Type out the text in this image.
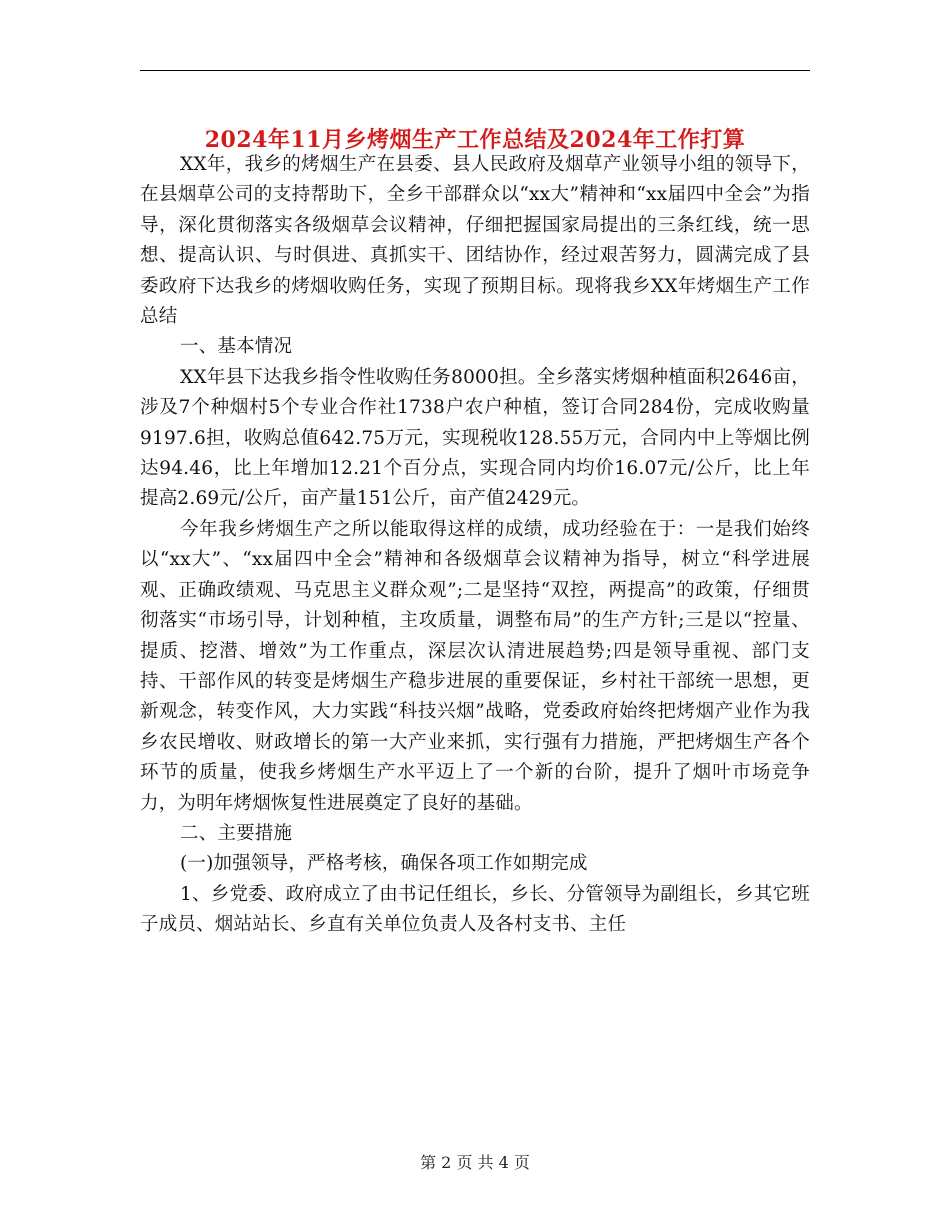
2024年11月乡烤烟生产工作总结及2024年工作打算

XX年，我乡的烤烟生产在县委、县人民政府及烟草产业领导小组的领导下，在县烟草公司的支持帮助下，全乡干部群众以“xx大”精神和“xx届四中全会”为指导，深化贯彻落实各级烟草会议精神，仔细把握国家局提出的三条红线，统一思想、提高认识、与时俱进、真抓实干、团结协作，经过艰苦努力，圆满完成了县委政府下达我乡的烤烟收购任务，实现了预期目标。现将我乡XX年烤烟生产工作总结

一、基本情况

XX年县下达我乡指令性收购任务8000担。全乡落实烤烟种植面积2646亩，涉及7个种烟村5个专业合作社1738户农户种植，签订合同284份，完成收购量9197.6担，收购总值642.75万元，实现税收128.55万元，合同内中上等烟比例达94.46，比上年增加12.21个百分点，实现合同内均价16.07元/公斤，比上年提高2.69元/公斤，亩产量151公斤，亩产值2429元。

今年我乡烤烟生产之所以能取得这样的成绩，成功经验在于：一是我们始终以“xx大”、“xx届四中全会”精神和各级烟草会议精神为指导，树立“科学进展观、正确政绩观、马克思主义群众观”;二是坚持“双控，两提高”的政策，仔细贯彻落实“市场引导，计划种植，主攻质量，调整布局”的生产方针;三是以“控量、提质、挖潜、增效”为工作重点，深层次认清进展趋势;四是领导重视、部门支持、干部作风的转变是烤烟生产稳步进展的重要保证，乡村社干部统一思想，更新观念，转变作风，大力实践“科技兴烟”战略，党委政府始终把烤烟产业作为我乡农民增收、财政增长的第一大产业来抓，实行强有力措施，严把烤烟生产各个环节的质量，使我乡烤烟生产水平迈上了一个新的台阶，提升了烟叶市场竞争力，为明年烤烟恢复性进展奠定了良好的基础。

二、主要措施

(一)加强领导，严格考核，确保各项工作如期完成

1、乡党委、政府成立了由书记任组长，乡长、分管领导为副组长，乡其它班子成员、烟站站长、乡直有关单位负责人及各村支书、主任

第 2 页 共 4 页
